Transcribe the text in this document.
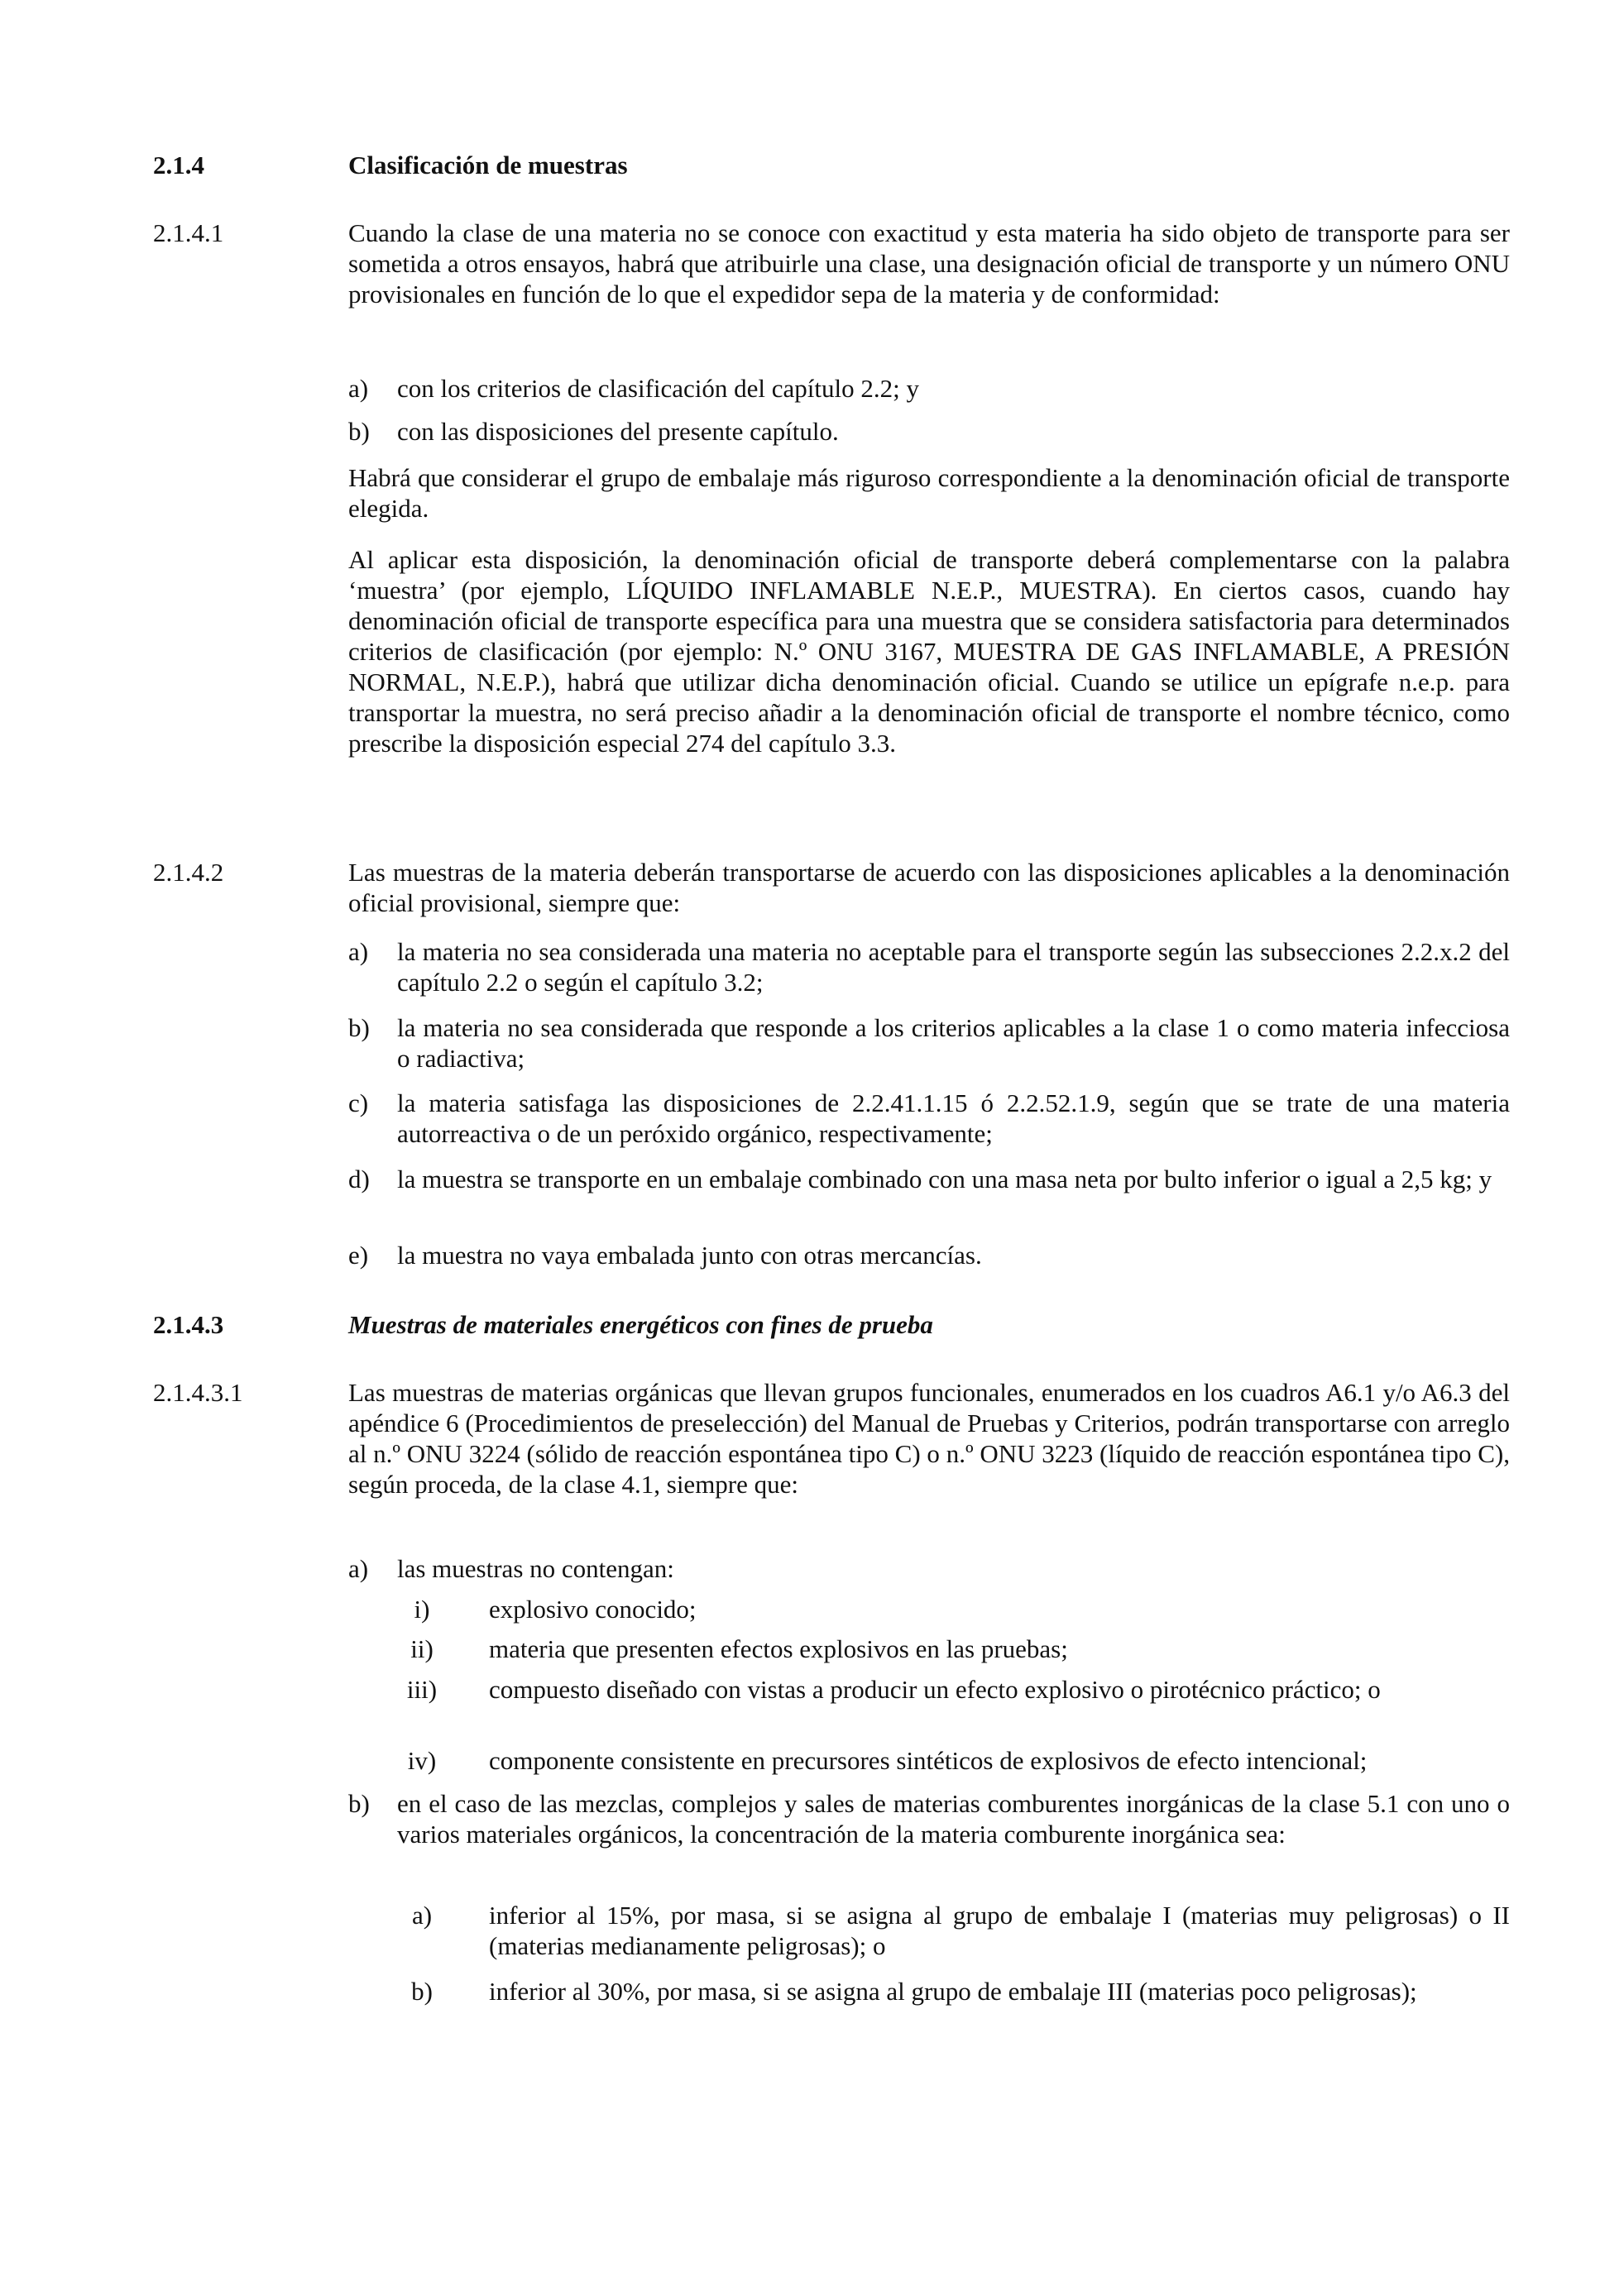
2.1.4	Clasificación de muestras
2.1.4.1	Cuando la clase de una materia no se conoce con exactitud y esta materia ha sido objeto de transporte para ser sometida a otros ensayos, habrá que atribuirle una clase, una designación oficial de transporte y un número ONU provisionales en función de lo que el expedidor sepa de la materia y de conformidad:

a) con los criterios de clasificación del capítulo 2.2; y
b) con las disposiciones del presente capítulo.

Habrá que considerar el grupo de embalaje más riguroso correspondiente a la denominación oficial de transporte elegida.

Al aplicar esta disposición, la denominación oficial de transporte deberá complementarse con la palabra ‘muestra’ (por ejemplo, LÍQUIDO INFLAMABLE N.E.P., MUESTRA). En ciertos casos, cuando hay denominación oficial de transporte específica para una muestra que se considera satisfactoria para determinados criterios de clasificación (por ejemplo: N.º ONU 3167, MUESTRA DE GAS INFLAMABLE, A PRESIÓN NORMAL, N.E.P.), habrá que utilizar dicha denominación oficial. Cuando se utilice un epígrafe n.e.p. para transportar la muestra, no será preciso añadir a la denominación oficial de transporte el nombre técnico, como prescribe la disposición especial 274 del capítulo 3.3.

2.1.4.2	Las muestras de la materia deberán transportarse de acuerdo con las disposiciones aplicables a la denominación oficial provisional, siempre que:

a) la materia no sea considerada una materia no aceptable para el transporte según las subsecciones 2.2.x.2 del capítulo 2.2 o según el capítulo 3.2;
b) la materia no sea considerada que responde a los criterios aplicables a la clase 1 o como materia infecciosa o radiactiva;
c) la materia satisfaga las disposiciones de 2.2.41.1.15 ó 2.2.52.1.9, según que se trate de una materia autorreactiva o de un peróxido orgánico, respectivamente;
d) la muestra se transporte en un embalaje combinado con una masa neta por bulto inferior o igual a 2,5 kg; y
e) la muestra no vaya embalada junto con otras mercancías.
2.1.4.3	Muestras de materiales energéticos con fines de prueba
2.1.4.3.1	Las muestras de materias orgánicas que llevan grupos funcionales, enumerados en los cuadros A6.1 y/o A6.3 del apéndice 6 (Procedimientos de preselección) del Manual de Pruebas y Criterios, podrán transportarse con arreglo al n.º ONU 3224 (sólido de reacción espontánea tipo C) o n.º ONU 3223 (líquido de reacción espontánea tipo C), según proceda, de la clase 4.1, siempre que:

a) las muestras no contengan:
i)	explosivo conocido;
ii)	materia que presenten efectos explosivos en las pruebas;
iii)	compuesto diseñado con vistas a producir un efecto explosivo o pirotécnico práctico; o
iv)	componente consistente en precursores sintéticos de explosivos de efecto intencional;
b) en el caso de las mezclas, complejos y sales de materias comburentes inorgánicas de la clase 5.1 con uno o varios materiales orgánicos, la concentración de la materia comburente inorgánica sea:
a)	inferior al 15%, por masa, si se asigna al grupo de embalaje I (materias muy peligrosas) o II (materias medianamente peligrosas); o
b)	inferior al 30%, por masa, si se asigna al grupo de embalaje III (materias poco peligrosas);
